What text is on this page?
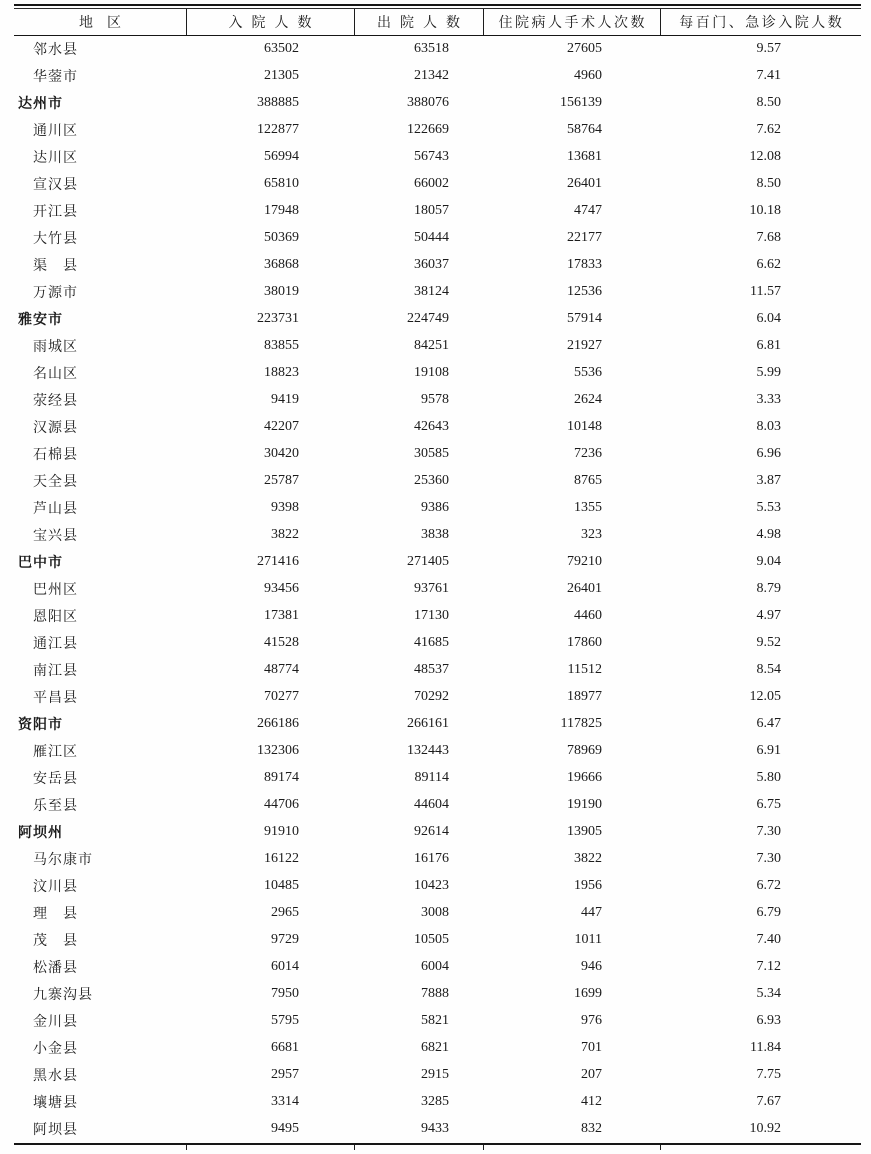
地　区	入院人数	出院人数	住院病人手术人次数	每百门、急诊入院人数
邻水县	63502	63518	27605	9.57
华蓥市	21305	21342	4960	7.41
达州市	388885	388076	156139	8.50
通川区	122877	122669	58764	7.62
达川区	56994	56743	13681	12.08
宣汉县	65810	66002	26401	8.50
开江县	17948	18057	4747	10.18
大竹县	50369	50444	22177	7.68
渠　县	36868	36037	17833	6.62
万源市	38019	38124	12536	11.57
雅安市	223731	224749	57914	6.04
雨城区	83855	84251	21927	6.81
名山区	18823	19108	5536	5.99
荥经县	9419	9578	2624	3.33
汉源县	42207	42643	10148	8.03
石棉县	30420	30585	7236	6.96
天全县	25787	25360	8765	3.87
芦山县	9398	9386	1355	5.53
宝兴县	3822	3838	323	4.98
巴中市	271416	271405	79210	9.04
巴州区	93456	93761	26401	8.79
恩阳区	17381	17130	4460	4.97
通江县	41528	41685	17860	9.52
南江县	48774	48537	11512	8.54
平昌县	70277	70292	18977	12.05
资阳市	266186	266161	117825	6.47
雁江区	132306	132443	78969	6.91
安岳县	89174	89114	19666	5.80
乐至县	44706	44604	19190	6.75
阿坝州	91910	92614	13905	7.30
马尔康市	16122	16176	3822	7.30
汶川县	10485	10423	1956	6.72
理　县	2965	3008	447	6.79
茂　县	9729	10505	1011	7.40
松潘县	6014	6004	946	7.12
九寨沟县	7950	7888	1699	5.34
金川县	5795	5821	976	6.93
小金县	6681	6821	701	11.84
黑水县	2957	2915	207	7.75
壤塘县	3314	3285	412	7.67
阿坝县	9495	9433	832	10.92
